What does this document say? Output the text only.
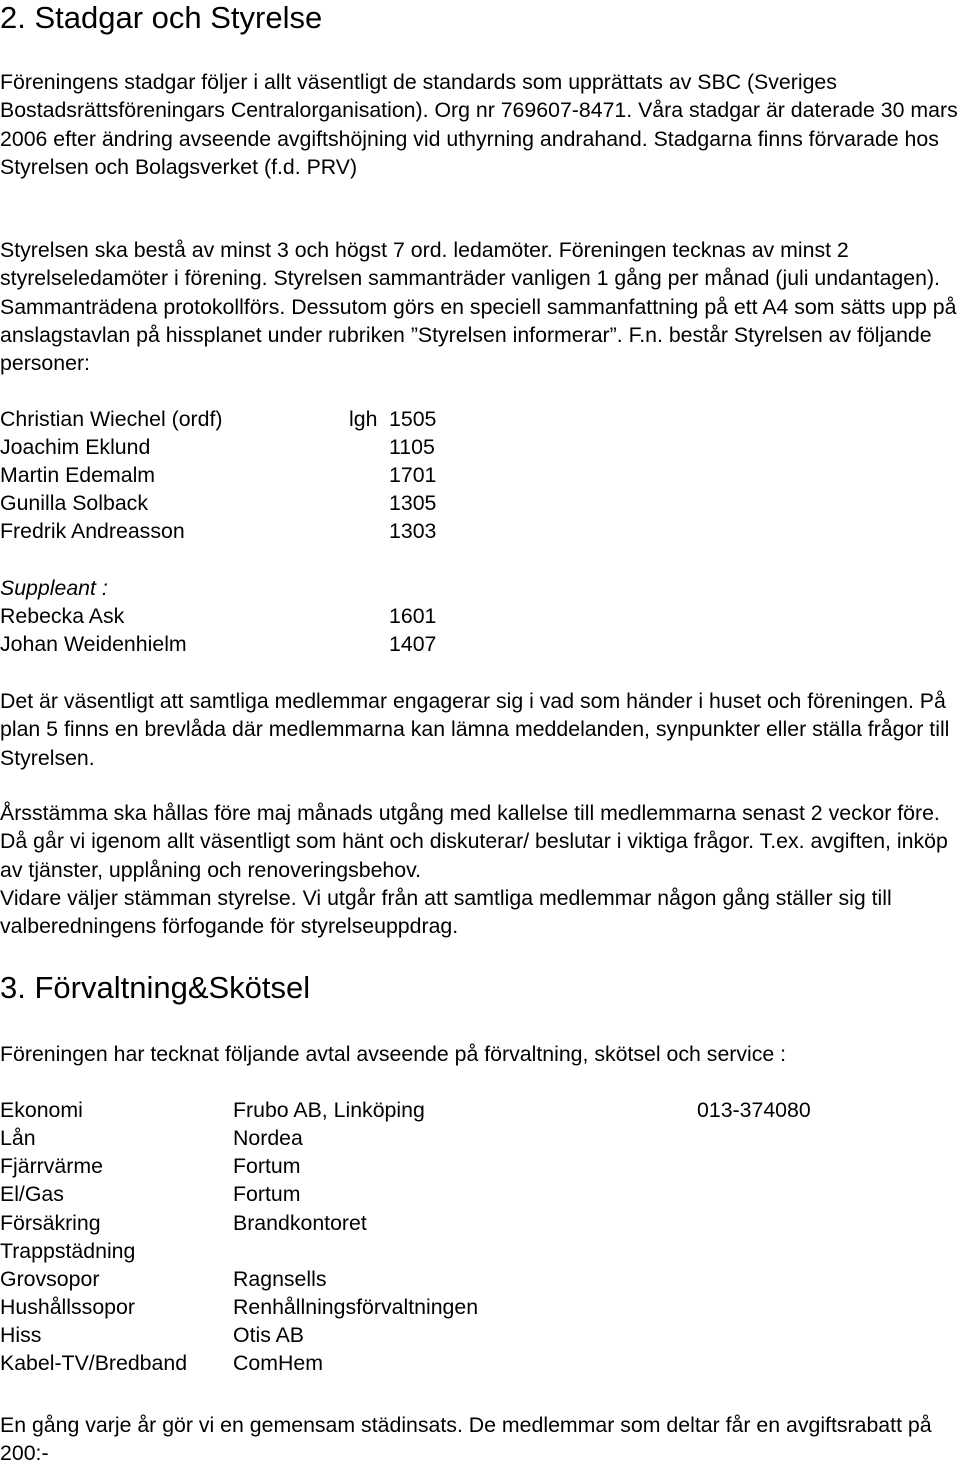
2. Stadgar och Styrelse

Föreningens stadgar följer i allt väsentligt de standards som upprättats av SBC (Sveriges Bostadsrättsföreningars Centralorganisation). Org nr 769607-8471. Våra stadgar är daterade 30 mars 2006 efter ändring avseende avgiftshöjning vid uthyrning andrahand. Stadgarna finns förvarade hos Styrelsen och Bolagsverket (f.d. PRV)

Styrelsen ska bestå av minst 3 och högst 7 ord. ledamöter. Föreningen tecknas av minst 2 styrelseledamöter i förening. Styrelsen sammanträder vanligen 1 gång per månad (juli undantagen). Sammanträdena protokollförs. Dessutom görs en speciell sammanfattning på ett A4 som sätts upp på anslagstavlan på hissplanet under rubriken ”Styrelsen informerar”. F.n. består Styrelsen av följande personer:

Christian Wiechel (ordf)	lgh 1505
Joachim Eklund	1105
Martin Edemalm	1701
Gunilla Solback	1305
Fredrik Andreasson	1303
Suppleant :
Rebecka Ask	1601
Johan Weidenhielm	1407

Det är väsentligt att samtliga medlemmar engagerar sig i vad som händer i huset och föreningen. På plan 5 finns en brevlåda där medlemmarna kan lämna meddelanden, synpunkter eller ställa frågor till Styrelsen.

Årsstämma ska hållas före maj månads utgång med kallelse till medlemmarna senast 2 veckor före. Då går vi igenom allt väsentligt som hänt och diskuterar/ beslutar i viktiga frågor. T.ex. avgiften, inköp av tjänster, upplåning och renoveringsbehov.

Vidare väljer stämman styrelse. Vi utgår från att samtliga medlemmar någon gång ställer sig till valberedningens förfogande för styrelseuppdrag.

3. Förvaltning&Skötsel

Föreningen har tecknat följande avtal avseende på förvaltning, skötsel och service :

Ekonomi	Frubo AB, Linköping	013-374080
Lån	Nordea
Fjärrvärme	Fortum
El/Gas	Fortum
Försäkring	Brandkontoret
Trappstädning
Grovsopor	Ragnsells
Hushållssopor	Renhållningsförvaltningen
Hiss	Otis AB
Kabel-TV/Bredband ComHem

En gång varje år gör vi en gemensam städinsats. De medlemmar som deltar får en avgiftsrabatt på 200:-
